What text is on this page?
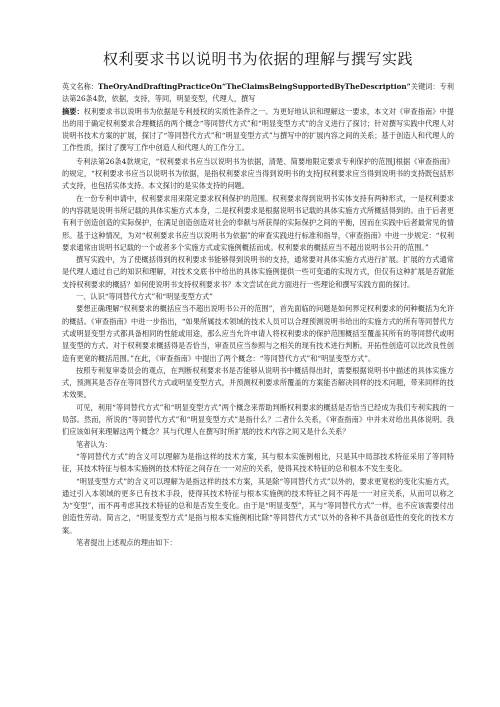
权利要求书以说明书为依据的理解与撰写实践

英文名称：TheOryAndDraftingPracticeOn“TheClaimsBeingSupportedByTheDescription”关键词：专利法第26条4款，依据，支持，等同，明显变型，代理人，撰写

摘要：权利要求书以说明书为依据是专利授权的实质性条件之一。为更好地认识和理解这一要求，本文对《审查指南》中提出的用于确定权利要求合理概括的两个概念“等同替代方式”和“明显变型方式”的含义进行了探讨；针对撰写实践中代理人对说明书技术方案的扩展，探讨了“等同替代方式”和“明显变型方式”与撰写中的扩展内容之间的关系；基于创造人和代理人的工作性质，探讨了撰写工作中创造人和代理人的工作分工。

专利法第26条4款规定，“权利要求书应当以说明书为依据，清楚、简要地限定要求专利保护的范围J根据《审查指南》的规定，“权利要求书应当以说明书为依据，是指权利要求应当得到说明书的支持J权利要求应当得到说明书的支持既包括形式支持，也包括实体支持。本文探讨的是实体支持的问题。

在一份专利申请中，权利要求用来限定要求权利保护的范围。权利要求得到说明书实体支持有两种形式，一是权利要求的内容就是说明书所记载的具体实施方式本身，二是权利要求是根据说明书记载的具体实施方式所概括得到的。由于后者更有利于创造创造的实际保护，在满足创造创造对社会的奉献与所获得的实际保护之间的平衡，因而在实践中后者最常见的情形。基于这种情况，为对“权利要求书应当以说明书为依据”的审查实践进行标准和指导，《审查指南》中进一步规定：“权利要求通常由说明书记载的一个或者多个实施方式或实施例概括而成。权利要求的概括应当不超出说明书公开的范围。”

撰写实践中，为了使概括得到的权利要求书能够得到说明书的支持，通常要对具体实施方式进行扩展。扩展的方式通常是代理人通过自己的知识和理解，对技术交底书中给出的具体实施例提供一些可变通的实现方式，但仅有这种扩展是否就能支持权利要求的概括？如何使说明书支持权利要求书？本文尝试在此方面进行一些理论和撰写实践方面的探讨。

一、认识“等同替代方式”和“明显变型方式”

要想正确理解“权利要求的概括应当不超出说明书公开的范围”，首先面临的问题是如何界定权利要求的何种概括为允许的概括。《审查指南》中进一步指出，“如果所属技术领域的技术人员可以合理预测说明书给出的实施方式的所有等同替代方式或明显变型方式都具备相同的性能或用途，那么应当允许申请人将权利要求的保护范围概括至覆盖其所有的等同替代或明显变型的方式。对于权利要求概括得是否恰当，审查员应当参照与之相关的现有技术进行判断。开拓性创造可以比改良性创造有更宽的概括范围。”在此，《审查指南》中提出了两个概念：“等同替代方式”和“明显变型方式”。

按照专利复审委员会的观点，在判断权利要求书是否能够从说明书中概括得出时，需要根据说明书中描述的具体实施方式，预测其是否存在等同替代方式或明显变型方式，并预测权利要求所覆盖的方案能否解决同样的技术问题，带来同样的技术效果。

可见，利用“等同替代方式”和“明显变型方式”两个概念来帮助判断权利要求的概括是否恰当已经成为我们专利实践的一局部。然而，所说的“等同替代方式”和“明显变型方式”是指什么？二者什么关系，《审查指南》中并未对给出具体说明。我们应该如何来理解这两个概念？其与代理人在撰写时所扩展的技术内容之间又是什么关系？

笔者认为：

“等同替代方式”的含义可以理解为是指这样的技术方案，其与根本实施例相比，只是其中局部技术特征采用了等同特征，其技术特征与根本实施例的技术特征之间存在一一对应的关系，使得其技术特征的总和根本不发生变化。

“明显变型方式”的含义可以理解为是指这样的技术方案，其是除“等同替代方式”以外的，要求更宽松的变化实施方式，通过引入本领域的更多已有技术手段，使得其技术特征与根本实施例的技术特征之间不再是一一对应关系，从而可以称之为“变型”，而不再考虑其技术特征的总和是否发生变化。由于是“明显变型”，其与“等同替代方式”一样，也不应该需要付出创造性劳动。简言之，“明显变型方式”是指与根本实施例相比除“等同替代方式”以外的各种不具备创造性的变化的技术方案。

笔者提出上述观点的理由如下：
